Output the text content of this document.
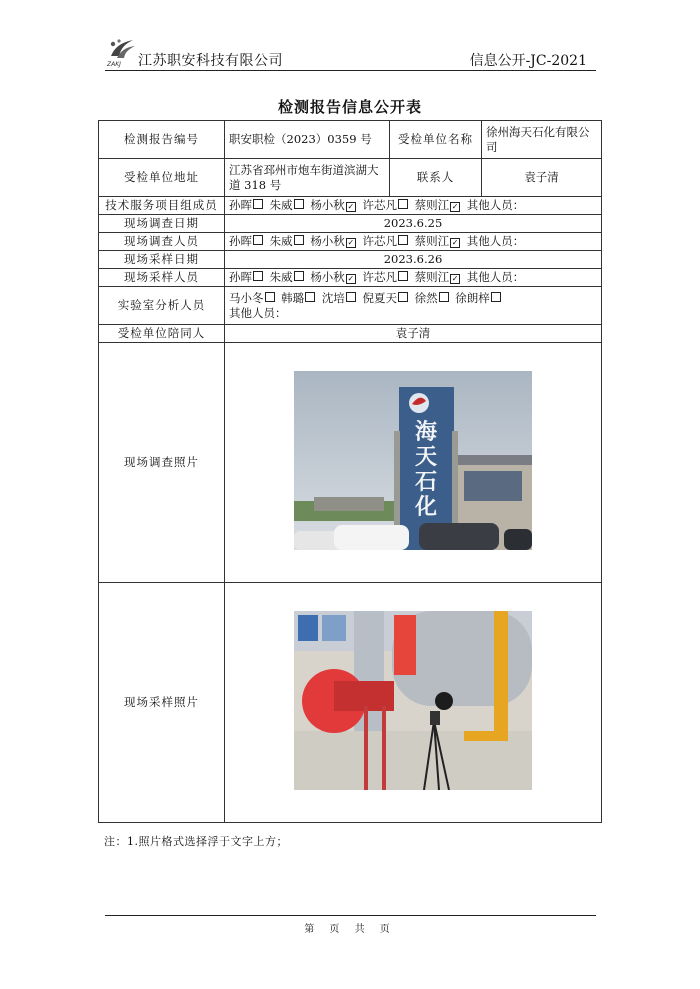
ZAKJ 江苏职安科技有限公司	信息公开-JC-2021
检测报告信息公开表
检测报告编号	职安职检（2023）0359 号	受检单位名称	徐州海天石化有限公司
受检单位地址	江苏省邳州市炮车街道滨湖大道 318 号	联系人	袁子清
技术服务项目组成员	孙晖 朱威 杨小秋 ✓ 许芯凡 蔡则江 ✓ 其他人员：		
现场调查日期	2023.6.25		
现场调查人员	孙晖 朱威 杨小秋 ✓ 许芯凡 蔡则江 ✓ 其他人员：		
现场采样日期	2023.6.26		
现场采样人员	孙晖 朱威 杨小秋 ✓ 许芯凡 蔡则江 ✓ 其他人员：		
实验室分析人员	马小冬 韩璐 沈培 倪夏天 徐然 徐朗梓
其他人员：		
受检单位陪同人	袁子清		
现场调查照片	海
天
石
化		

现场采样照片	
注：1.照片格式选择浮于文字上方；
第 页 共 页
